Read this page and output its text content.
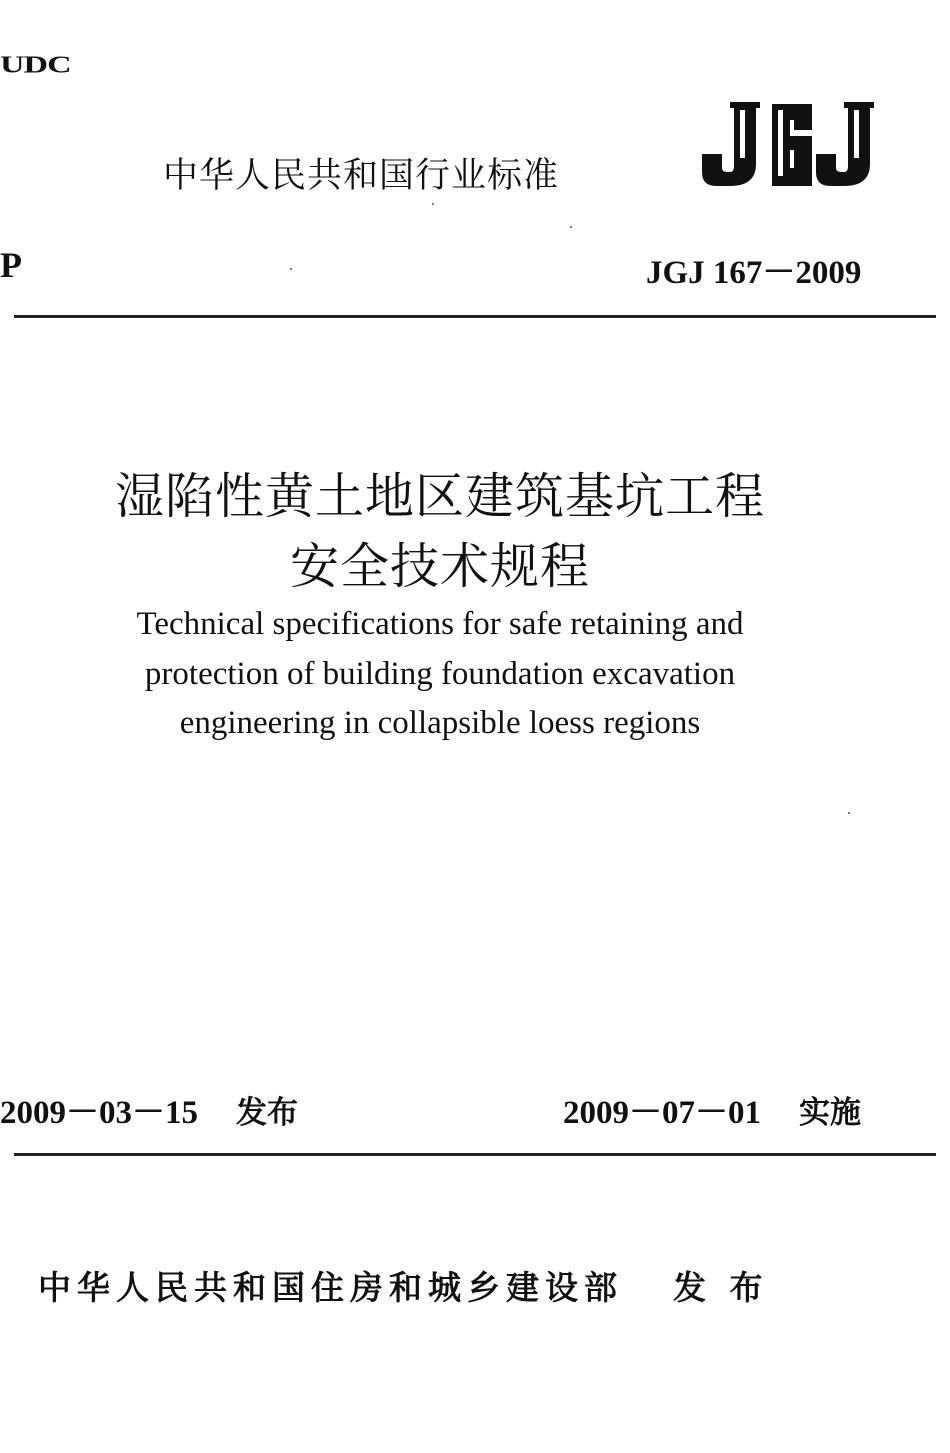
UDC
中华人民共和国行业标准
P	JGJ 167－2009
湿陷性黄土地区建筑基坑工程
安全技术规程
Technical specifications for safe retaining and
protection of building foundation excavation
engineering in collapsible loess regions
2009－03－15 发布	2009－07－01 实施
中华人民共和国住房和城乡建设部 发 布
